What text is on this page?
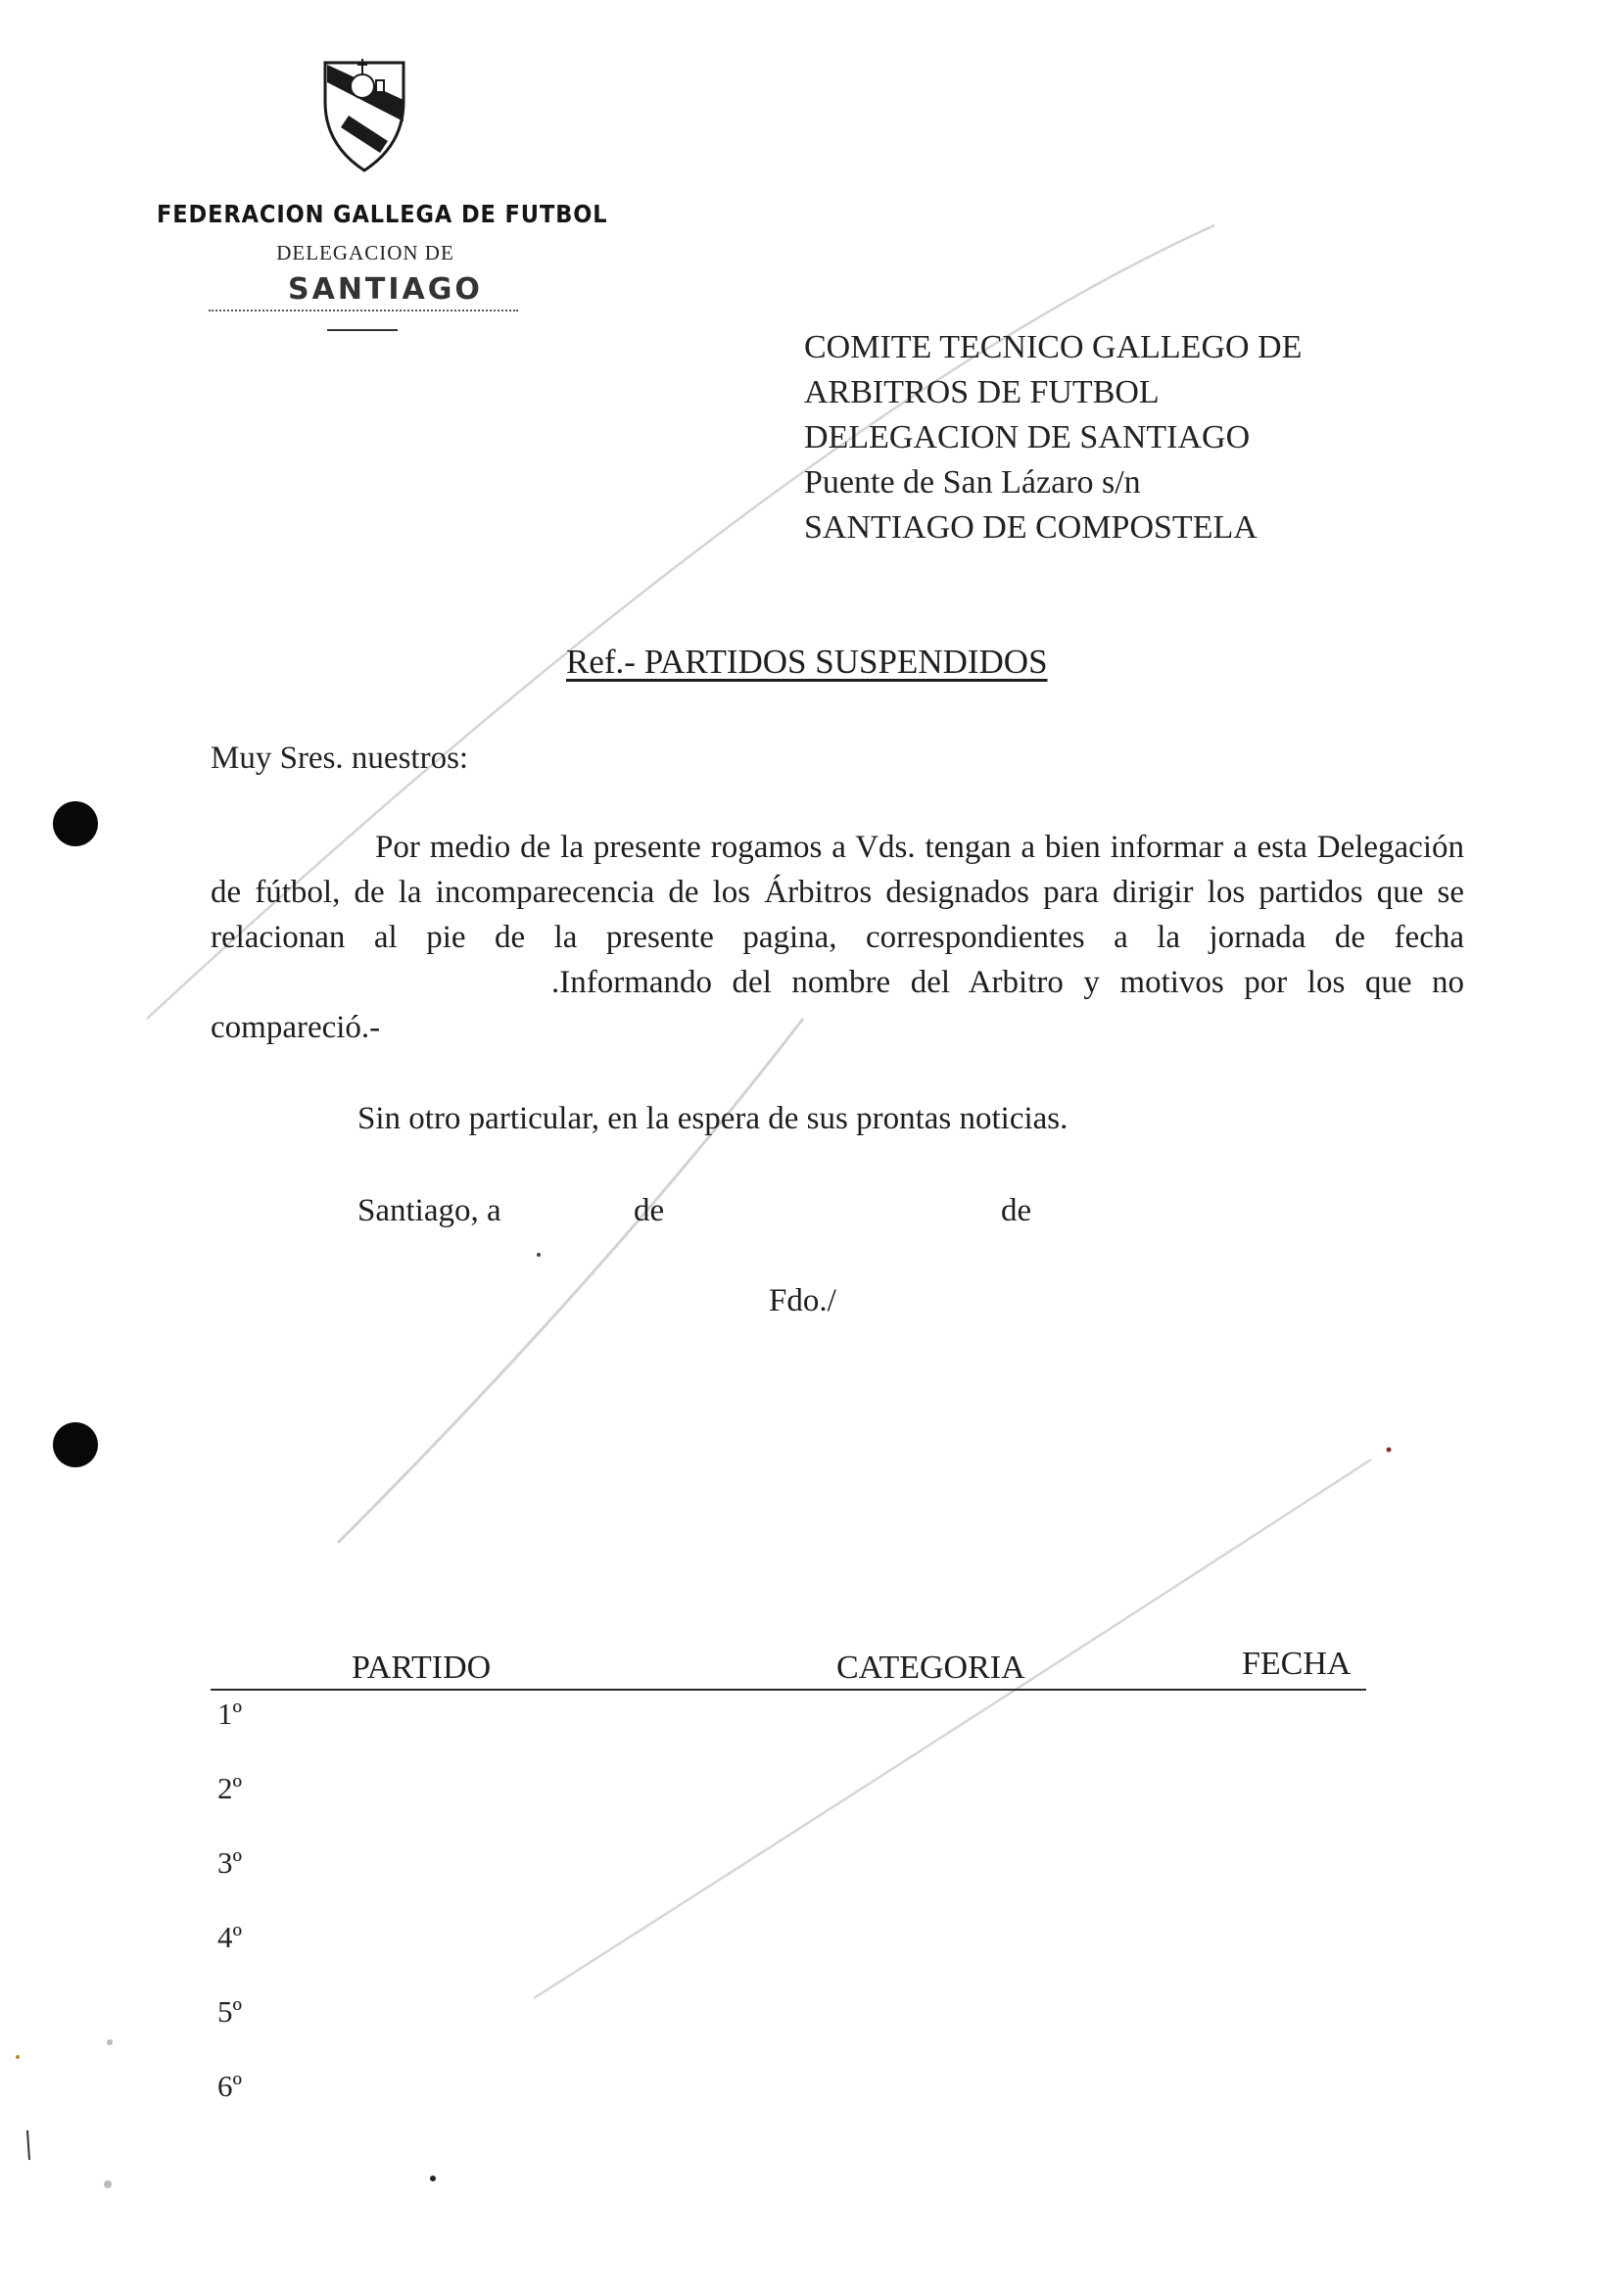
FEDERACION GALLEGA DE FUTBOL
DELEGACION DE
SANTIAGO
COMITE TECNICO GALLEGO DE
ARBITROS DE FUTBOL
DELEGACION DE SANTIAGO
Puente de San Lázaro s/n
SANTIAGO DE COMPOSTELA
Ref.- PARTIDOS SUSPENDIDOS
Muy Sres. nuestros:
Por medio de la presente rogamos a Vds. tengan a bien informar a esta Delegación de fútbol, de la incomparecencia de los Árbitros designados para dirigir los partidos que se relacionan al pie de la presente pagina, correspondientes a la jornada de fecha.Informando del nombre del Arbitro y motivos por los que no compareció.-
Sin otro particular, en la espera de sus prontas noticias.
Santiago, a	de	de
Fdo./
PARTIDO	CATEGORIA	FECHA
1º
2º
3º
4º
5º
6º
